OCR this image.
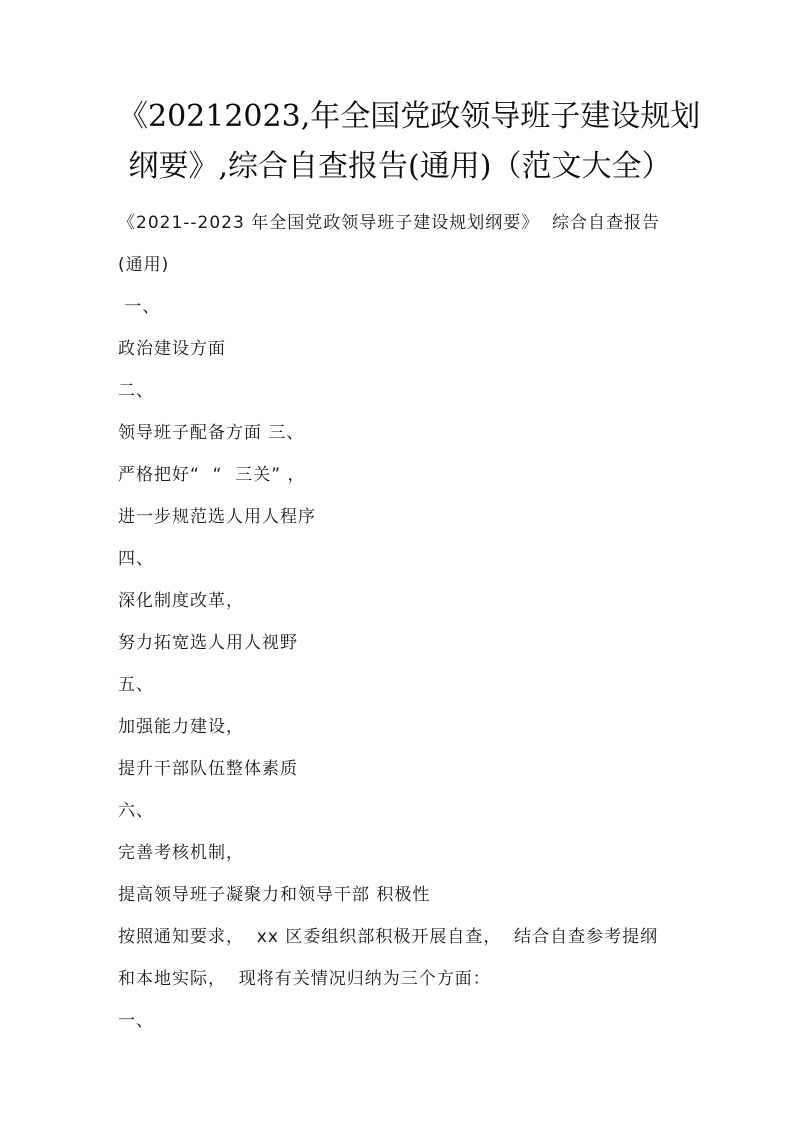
《20212023,年全国党政领导班子建设规划
纲要》,综合自查报告(通用)（范文大全）
《2021--2023 年全国党政领导班子建设规划纲要》  综合自查报告
(通用)
一、
政治建设方面
二、
领导班子配备方面 三、
严格把好“  “  三关” ，
进一步规范选人用人程序
四、
深化制度改革，
努力拓宽选人用人视野
五、
加强能力建设，
提升干部队伍整体素质
六、
完善考核机制，
提高领导班子凝聚力和领导干部 积极性
按照通知要求，  xx 区委组织部积极开展自查，  结合自查参考提纲
和本地实际，  现将有关情况归纳为三个方面：
一、
